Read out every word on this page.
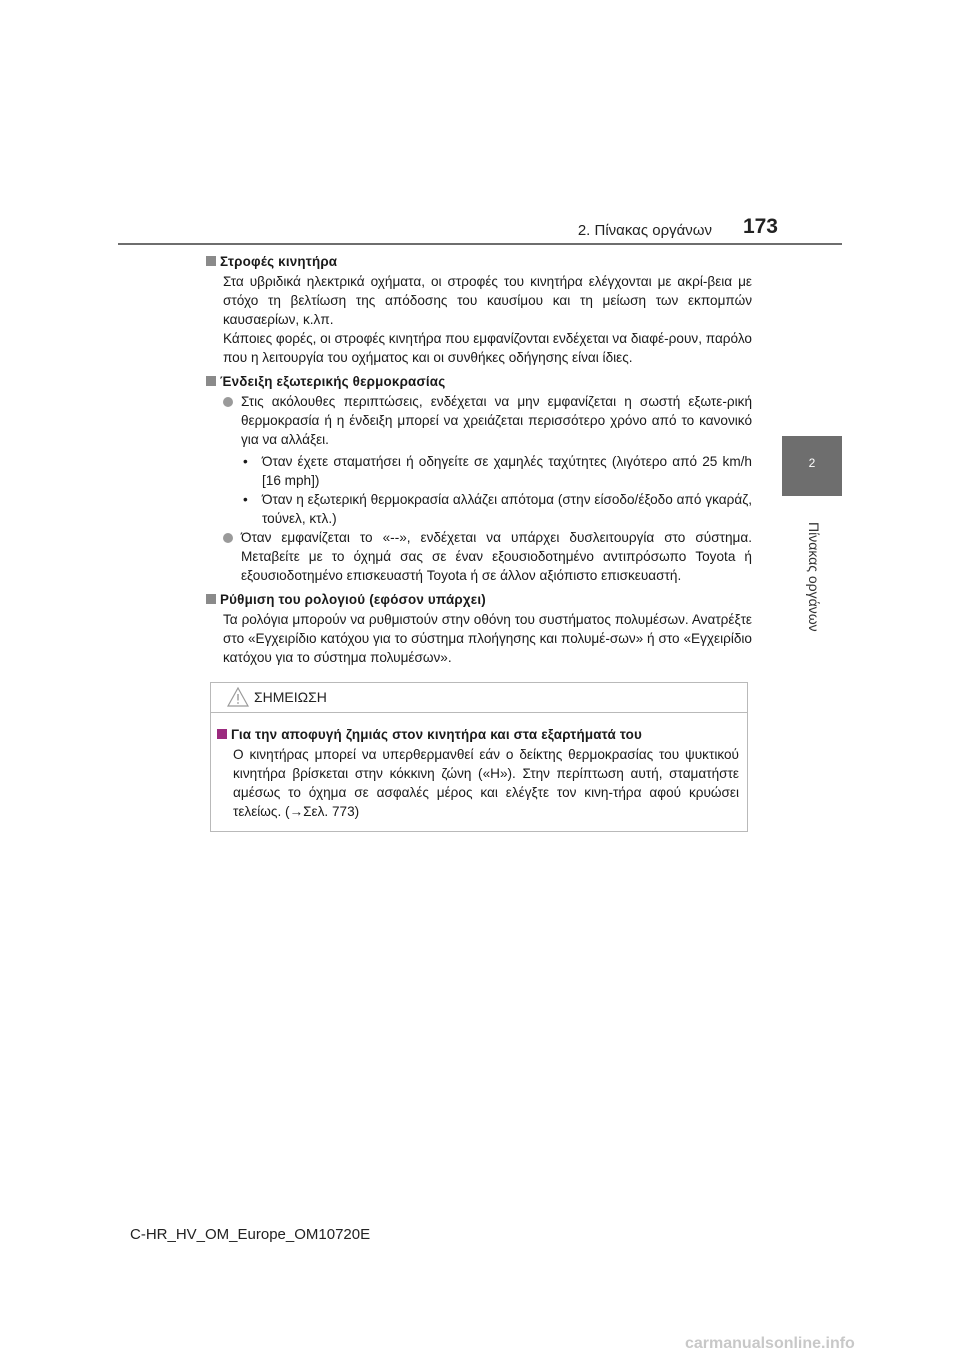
2. Πίνακας οργάνων	173
2
Πίνακας οργάνων
Στροφές κινητήρα
Στα υβριδικά ηλεκτρικά οχήματα, οι στροφές του κινητήρα ελέγχονται με ακρί-βεια με στόχο τη βελτίωση της απόδοσης του καυσίμου και τη μείωση των εκπομπών καυσαερίων, κ.λπ.
Κάποιες φορές, οι στροφές κινητήρα που εμφανίζονται ενδέχεται να διαφέ-ρουν, παρόλο που η λειτουργία του οχήματος και οι συνθήκες οδήγησης είναι ίδιες.
Ένδειξη εξωτερικής θερμοκρασίας
Στις ακόλουθες περιπτώσεις, ενδέχεται να μην εμφανίζεται η σωστή εξωτε-ρική θερμοκρασία ή η ένδειξη μπορεί να χρειάζεται περισσότερο χρόνο από το κανονικό για να αλλάξει.
• Όταν έχετε σταματήσει ή οδηγείτε σε χαμηλές ταχύτητες (λιγότερο από 25 km/h [16 mph])
• Όταν η εξωτερική θερμοκρασία αλλάζει απότομα (στην είσοδο/έξοδο από γκαράζ, τούνελ, κτλ.)
Όταν εμφανίζεται το «--», ενδέχεται να υπάρχει δυσλειτουργία στο σύστημα. Μεταβείτε με το όχημά σας σε έναν εξουσιοδοτημένο αντιπρόσωπο Toyota ή εξουσιοδοτημένο επισκευαστή Toyota ή σε άλλον αξιόπιστο επισκευαστή.
Ρύθμιση του ρολογιού (εφόσον υπάρχει)
Τα ρολόγια μπορούν να ρυθμιστούν στην οθόνη του συστήματος πολυμέσων. Ανατρέξτε στο «Εγχειρίδιο κατόχου για το σύστημα πλοήγησης και πολυμέ-σων» ή στο «Εγχειρίδιο κατόχου για το σύστημα πολυμέσων».
ΣΗΜΕΙΩΣΗ
Για την αποφυγή ζημιάς στον κινητήρα και στα εξαρτήματά του
Ο κινητήρας μπορεί να υπερθερμανθεί εάν ο δείκτης θερμοκρασίας του ψυκτικού κινητήρα βρίσκεται στην κόκκινη ζώνη («H»). Στην περίπτωση αυτή, σταματήστε αμέσως το όχημα σε ασφαλές μέρος και ελέγξτε τον κινη-τήρα αφού κρυώσει τελείως. (→Σελ. 773)
C-HR_HV_OM_Europe_OM10720E
carmanualsonline.info
